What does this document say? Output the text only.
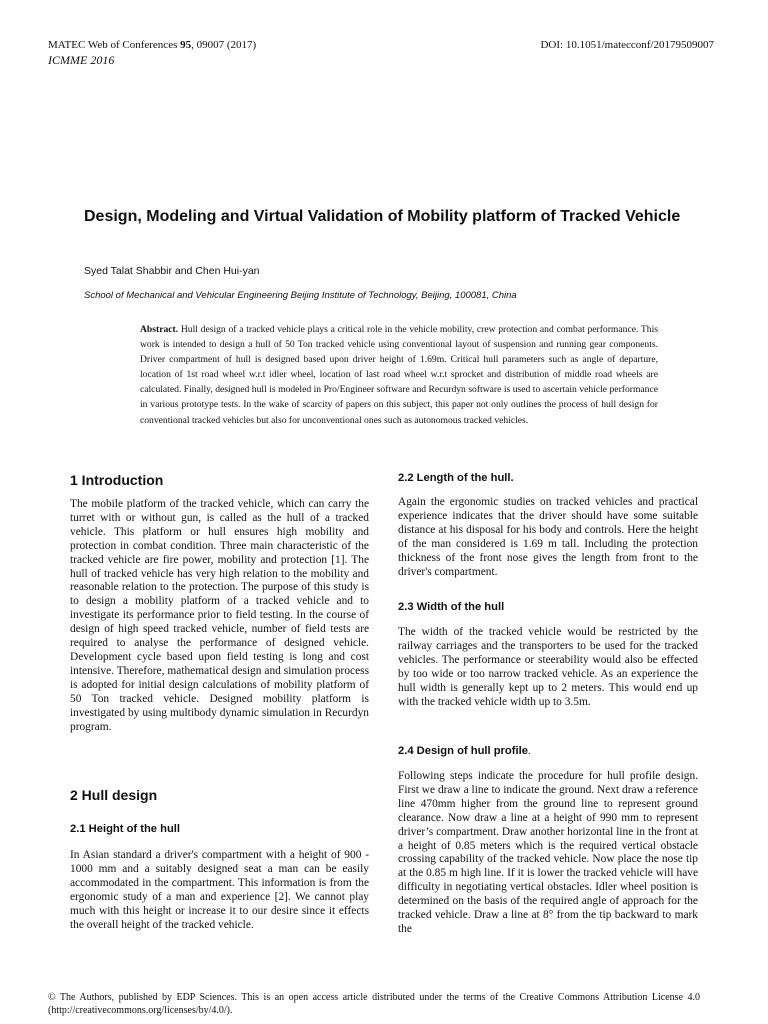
MATEC Web of Conferences 95, 09007 (2017)	DOI: 10.1051/matecconf/20179509007
ICMME 2016
Design, Modeling and Virtual Validation of Mobility platform of Tracked Vehicle
Syed Talat Shabbir and Chen Hui-yan
School of Mechanical and Vehicular Engineering Beijing Institute of Technology, Beijing, 100081, China
Abstract. Hull design of a tracked vehicle plays a critical role in the vehicle mobility, crew protection and combat performance. This work is intended to design a hull of 50 Ton tracked vehicle using conventional layout of suspension and running gear components. Driver compartment of hull is designed based upon driver height of 1.69m. Critical hull parameters such as angle of departure, location of 1st road wheel w.r.t idler wheel, location of last road wheel w.r.t sprocket and distribution of middle road wheels are calculated. Finally, designed hull is modeled in Pro/Engineer software and Recurdyn software is used to ascertain vehicle performance in various prototype tests. In the wake of scarcity of papers on this subject, this paper not only outlines the process of hull design for conventional tracked vehicles but also for unconventional ones such as autonomous tracked vehicles.
1 Introduction
The mobile platform of the tracked vehicle, which can carry the turret with or without gun, is called as the hull of a tracked vehicle. This platform or hull ensures high mobility and protection in combat condition. Three main characteristic of the tracked vehicle are fire power, mobility and protection [1]. The hull of tracked vehicle has very high relation to the mobility and reasonable relation to the protection. The purpose of this study is to design a mobility platform of a tracked vehicle and to investigate its performance prior to field testing. In the course of design of high speed tracked vehicle, number of field tests are required to analyse the performance of designed vehicle. Development cycle based upon field testing is long and cost intensive. Therefore, mathematical design and simulation process is adopted for initial design calculations of mobility platform of 50 Ton tracked vehicle. Designed mobility platform is investigated by using multibody dynamic simulation in Recurdyn program.
2 Hull design
2.1 Height of the hull
In Asian standard a driver's compartment with a height of 900 - 1000 mm and a suitably designed seat a man can be easily accommodated in the compartment. This information is from the ergonomic study of a man and experience [2]. We cannot play much with this height or increase it to our desire since it effects the overall height of the tracked vehicle.
2.2 Length of the hull.
Again the ergonomic studies on tracked vehicles and practical experience indicates that the driver should have some suitable distance at his disposal for his body and controls. Here the height of the man considered is 1.69 m tall. Including the protection thickness of the front nose gives the length from front to the driver's compartment.
2.3 Width of the hull
The width of the tracked vehicle would be restricted by the railway carriages and the transporters to be used for the tracked vehicles. The performance or steerability would also be effected by too wide or too narrow tracked vehicle. As an experience the hull width is generally kept up to 2 meters. This would end up with the tracked vehicle width up to 3.5m.
2.4 Design of hull profile.
Following steps indicate the procedure for hull profile design. First we draw a line to indicate the ground. Next draw a reference line 470mm higher from the ground line to represent ground clearance. Now draw a line at a height of 990 mm to represent driver’s compartment. Draw another horizontal line in the front at a height of 0.85 meters which is the required vertical obstacle crossing capability of the tracked vehicle. Now place the nose tip at the 0.85 m high line. If it is lower the tracked vehicle will have difficulty in negotiating vertical obstacles. Idler wheel position is determined on the basis of the required angle of approach for the tracked vehicle. Draw a line at 8° from the tip backward to mark the
© The Authors, published by EDP Sciences. This is an open access article distributed under the terms of the Creative Commons Attribution License 4.0 (http://creativecommons.org/licenses/by/4.0/).
